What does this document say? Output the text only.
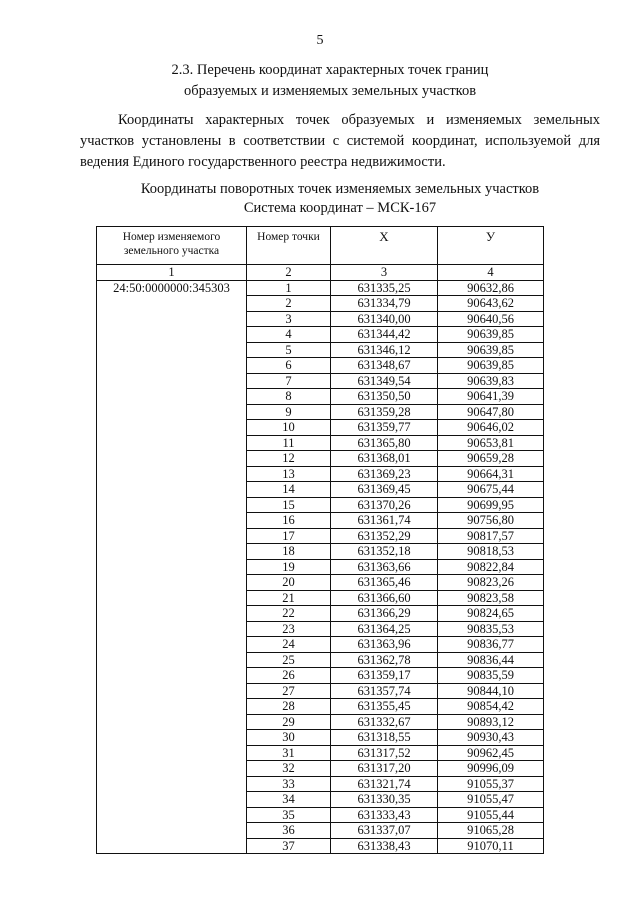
5
2.3. Перечень координат характерных точек границ
образуемых и изменяемых земельных участков
Координаты характерных точек образуемых и изменяемых земельных участков установлены в соответствии с системой координат, используемой для ведения Единого государственного реестра недвижимости.
Координаты поворотных точек изменяемых земельных участков
Система координат – МСК-167
Номер изменяемого земельного участка	Номер точки	X	У
1	2	3	4
24:50:0000000:345303	1	631335,25	90632,86
	2	631334,79	90643,62
	3	631340,00	90640,56
	4	631344,42	90639,85
	5	631346,12	90639,85
	6	631348,67	90639,85
	7	631349,54	90639,83
	8	631350,50	90641,39
	9	631359,28	90647,80
	10	631359,77	90646,02
	11	631365,80	90653,81
	12	631368,01	90659,28
	13	631369,23	90664,31
	14	631369,45	90675,44
	15	631370,26	90699,95
	16	631361,74	90756,80
	17	631352,29	90817,57
	18	631352,18	90818,53
	19	631363,66	90822,84
	20	631365,46	90823,26
	21	631366,60	90823,58
	22	631366,29	90824,65
	23	631364,25	90835,53
	24	631363,96	90836,77
	25	631362,78	90836,44
	26	631359,17	90835,59
	27	631357,74	90844,10
	28	631355,45	90854,42
	29	631332,67	90893,12
	30	631318,55	90930,43
	31	631317,52	90962,45
	32	631317,20	90996,09
	33	631321,74	91055,37
	34	631330,35	91055,47
	35	631333,43	91055,44
	36	631337,07	91065,28
	37	631338,43	91070,11
